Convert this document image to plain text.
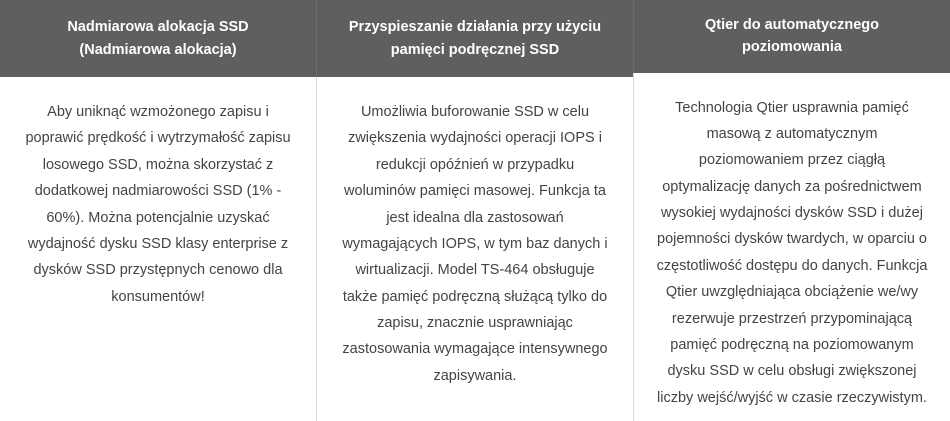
Nadmiarowa alokacja SSD (Nadmiarowa alokacja)

Aby uniknąć wzmożonego zapisu i poprawić prędkość i wytrzymałość zapisu losowego SSD, można skorzystać z dodatkowej nadmiarowości SSD (1% - 60%). Można potencjalnie uzyskać wydajność dysku SSD klasy enterprise z dysków SSD przystępnych cenowo dla konsumentów!

Przyspieszanie działania przy użyciu pamięci podręcznej SSD

Umożliwia buforowanie SSD w celu zwiększenia wydajności operacji IOPS i redukcji opóźnień w przypadku woluminów pamięci masowej. Funkcja ta jest idealna dla zastosowań wymagających IOPS, w tym baz danych i wirtualizacji. Model TS-464 obsługuje także pamięć podręczną służącą tylko do zapisu, znacznie usprawniając zastosowania wymagające intensywnego zapisywania.

Qtier do automatycznego poziomowania

Technologia Qtier usprawnia pamięć masową z automatycznym poziomowaniem przez ciągłą optymalizację danych za pośrednictwem wysokiej wydajności dysków SSD i dużej pojemności dysków twardych, w oparciu o częstotliwość dostępu do danych. Funkcja Qtier uwzględniająca obciążenie we/wy rezerwuje przestrzeń przypominającą pamięć podręczną na poziomowanym dysku SSD w celu obsługi zwiększonej liczby wejść/wyjść w czasie rzeczywistym.
